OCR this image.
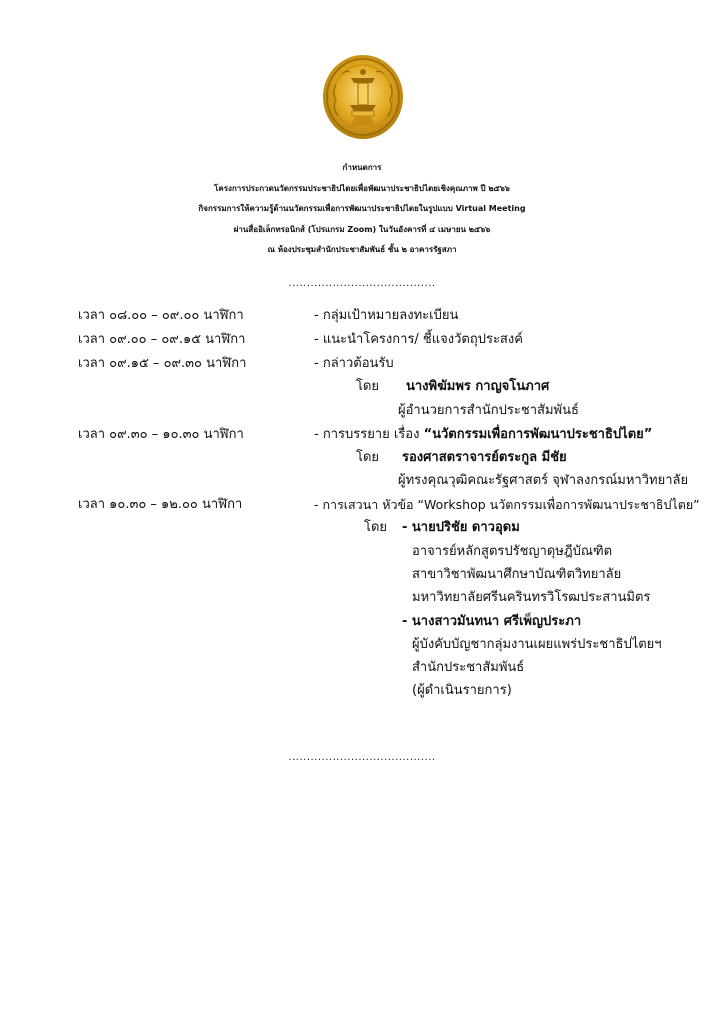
กำหนดการ
โครงการประกวดนวัตกรรมประชาธิปไตยเพื่อพัฒนาประชาธิปไตยเชิงคุณภาพ ปี ๒๕๖๖
กิจกรรมการให้ความรู้ด้านนวัตกรรมเพื่อการพัฒนาประชาธิปไตยในรูปแบบ Virtual Meeting
ผ่านสื่ออิเล็กทรอนิกส์ (โปรแกรม Zoom) ในวันอังคารที่ ๔ เมษายน ๒๕๖๖
ณ ห้องประชุมสำนักประชาสัมพันธ์ ชั้น ๒ อาคารรัฐสภา
........................................
เวลา ๐๘.๐๐ – ๐๙.๐๐ นาฬิกา	- กลุ่มเป้าหมายลงทะเบียน
เวลา ๐๙.๐๐ – ๐๙.๑๕ นาฬิกา	- แนะนำโครงการ/ ชี้แจงวัตถุประสงค์
เวลา ๐๙.๑๕ – ๐๙.๓๐ นาฬิกา	- กล่าวต้อนรับ
โดย นางพิฆัมพร กาญจโนภาศ
ผู้อำนวยการสำนักประชาสัมพันธ์
เวลา ๐๙.๓๐ – ๑๐.๓๐ นาฬิกา	- การบรรยาย เรื่อง “นวัตกรรมเพื่อการพัฒนาประชาธิปไตย”
โดย รองศาสตราจารย์ตระกูล มีชัย
ผู้ทรงคุณวุฒิคณะรัฐศาสตร์ จุฬาลงกรณ์มหาวิทยาลัย
เวลา ๑๐.๓๐ – ๑๒.๐๐ นาฬิกา	- การเสวนา หัวข้อ “Workshop นวัตกรรมเพื่อการพัฒนาประชาธิปไตย”
โดย - นายปริชัย ดาวอุดม
อาจารย์หลักสูตรปรัชญาดุษฎีบัณฑิต
สาขาวิชาพัฒนาศึกษาบัณฑิตวิทยาลัย
มหาวิทยาลัยศรีนครินทรวิโรฒประสานมิตร
- นางสาวมันทนา ศรีเพ็ญประภา
ผู้บังคับบัญชากลุ่มงานเผยแพร่ประชาธิปไตยฯ
สำนักประชาสัมพันธ์
(ผู้ดำเนินรายการ)
........................................
